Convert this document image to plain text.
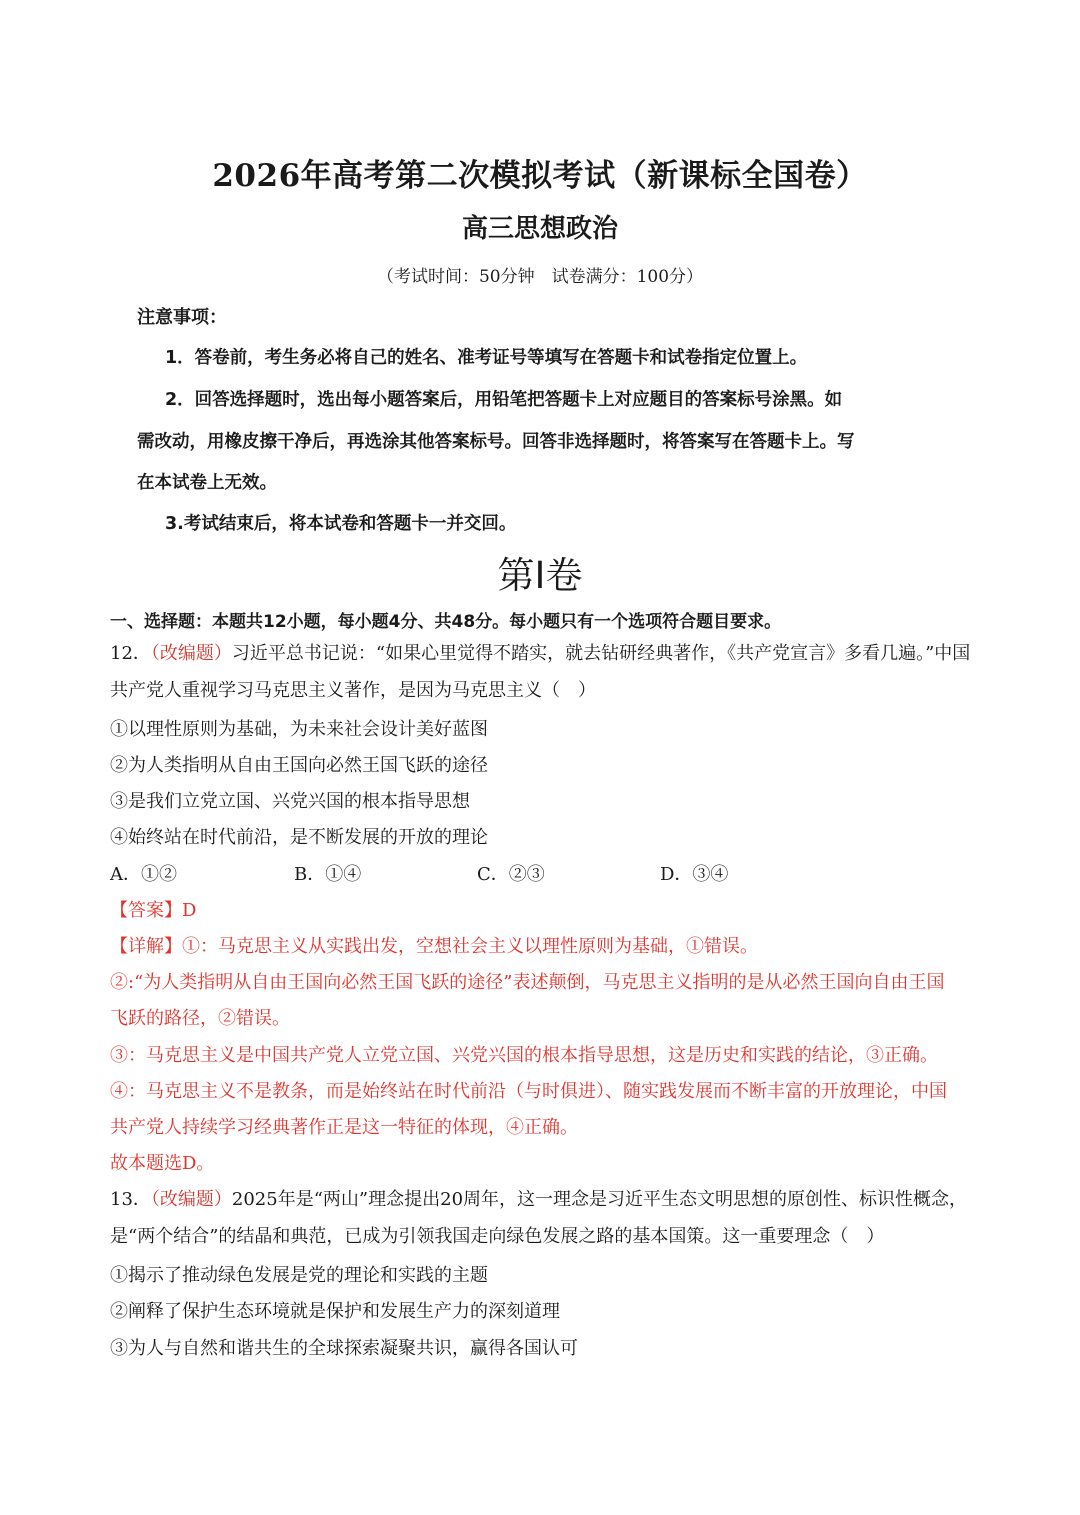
2026年高考第二次模拟考试（新课标全国卷）
高三思想政治
（考试时间：50分钟　试卷满分：100分）
注意事项：
1．答卷前，考生务必将自己的姓名、准考证号等填写在答题卡和试卷指定位置上。
2．回答选择题时，选出每小题答案后，用铅笔把答题卡上对应题目的答案标号涂黑。如
需改动，用橡皮擦干净后，再选涂其他答案标号。回答非选择题时，将答案写在答题卡上。写
在本试卷上无效。
3.考试结束后，将本试卷和答题卡一并交回。
第Ⅰ卷
一、选择题：本题共12小题，每小题4分、共48分。每小题只有一个选项符合题目要求。
12．（改编题）习近平总书记说：“如果心里觉得不踏实，就去钻研经典著作，《共产党宣言》多看几遍。”中国
共产党人重视学习马克思主义著作，是因为马克思主义（　）
①以理性原则为基础，为未来社会设计美好蓝图
②为人类指明从自由王国向必然王国飞跃的途径
③是我们立党立国、兴党兴国的根本指导思想
④始终站在时代前沿，是不断发展的开放的理论
A．①②	B．①④	C．②③	D．③④
【答案】D
【详解】①：马克思主义从实践出发，空想社会主义以理性原则为基础，①错误。
②:“为人类指明从自由王国向必然王国飞跃的途径”表述颠倒，马克思主义指明的是从必然王国向自由王国
飞跃的路径，②错误。
③：马克思主义是中国共产党人立党立国、兴党兴国的根本指导思想，这是历史和实践的结论，③正确。
④：马克思主义不是教条，而是始终站在时代前沿（与时俱进）、随实践发展而不断丰富的开放理论，中国
共产党人持续学习经典著作正是这一特征的体现，④正确。
故本题选D。
13．（改编题）2025年是“两山”理念提出20周年，这一理念是习近平生态文明思想的原创性、标识性概念，
是“两个结合”的结晶和典范，已成为引领我国走向绿色发展之路的基本国策。这一重要理念（　）
①揭示了推动绿色发展是党的理论和实践的主题
②阐释了保护生态环境就是保护和发展生产力的深刻道理
③为人与自然和谐共生的全球探索凝聚共识，赢得各国认可
